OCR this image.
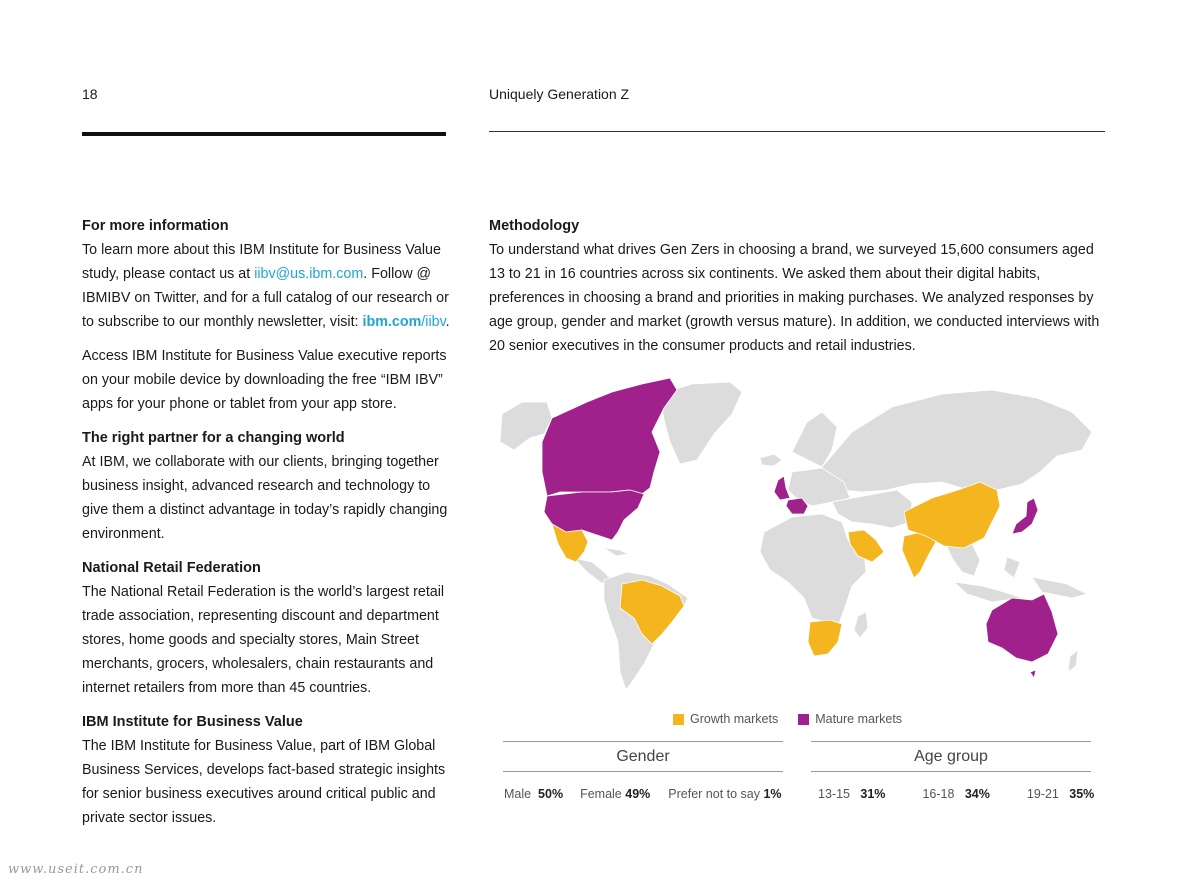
18	Uniquely Generation Z
For more information

To learn more about this IBM Institute for Business Value study, please contact us at iibv@us.ibm.com. Follow @ IBMIBV on Twitter, and for a full catalog of our research or to subscribe to our monthly newsletter, visit: ibm.com/iibv.

Access IBM Institute for Business Value executive reports on your mobile device by downloading the free “IBM IBV” apps for your phone or tablet from your app store.

The right partner for a changing world

At IBM, we collaborate with our clients, bringing together business insight, advanced research and technology to give them a distinct advantage in today’s rapidly changing environment.

National Retail Federation

The National Retail Federation is the world’s largest retail trade association, representing discount and department stores, home goods and specialty stores, Main Street merchants, grocers, wholesalers, chain restaurants and internet retailers from more than 45 countries.

IBM Institute for Business Value

The IBM Institute for Business Value, part of IBM Global Business Services, develops fact-based strategic insights for senior business executives around critical public and private sector issues.

Methodology

To understand what drives Gen Zers in choosing a brand, we surveyed 15,600 consumers aged 13 to 21 in 16 countries across six continents. We asked them about their digital habits, preferences in choosing a brand and priorities in making purchases. We analyzed responses by age group, gender and market (growth versus mature). In addition, we conducted interviews with 20 senior executives in the consumer products and retail industries.

Growth markets	Mature markets
Gender
Male 50% Female 49% Prefer not to say 1%
Age group
13-15 31%	16-18 34%	19-21 35%
www.useit.com.cn
